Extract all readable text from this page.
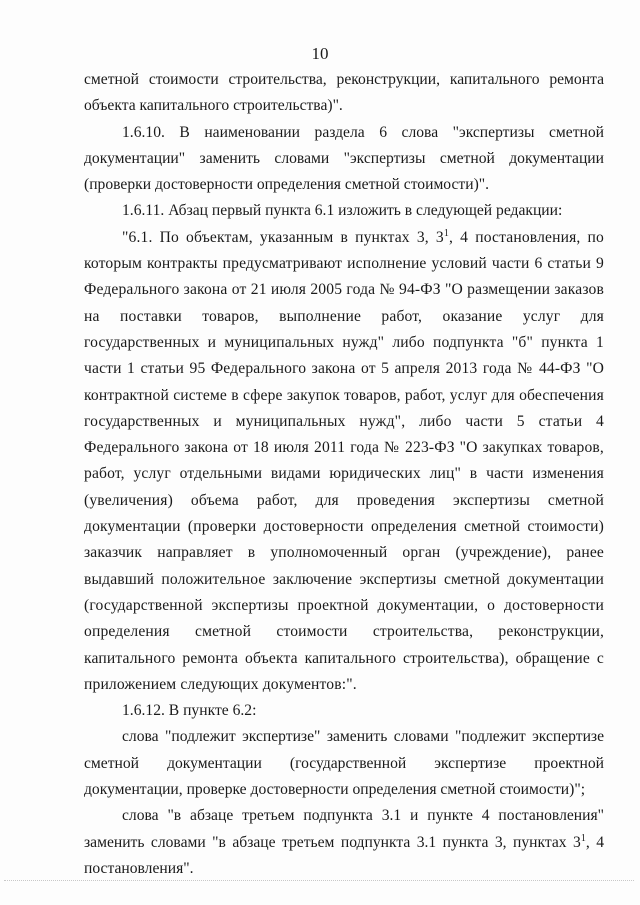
10

сметной стоимости строительства, реконструкции, капитального ремонта объекта капитального строительства)".

1.6.10. В наименовании раздела 6 слова "экспертизы сметной документации" заменить словами "экспертизы сметной документации (проверки достоверности определения сметной стоимости)".

1.6.11. Абзац первый пункта 6.1 изложить в следующей редакции:

"6.1. По объектам, указанным в пунктах 3, $3^1$, 4 постановления, по которым контракты предусматривают исполнение условий части 6 статьи 9 Федерального закона от 21 июля 2005 года № 94-ФЗ "О размещении заказов на поставки товаров, выполнение работ, оказание услуг для государственных и муниципальных нужд" либо подпункта "б" пункта 1 части 1 статьи 95 Федерального закона от 5 апреля 2013 года № 44-ФЗ "О контрактной системе в сфере закупок товаров, работ, услуг для обеспечения государственных и муниципальных нужд", либо части 5 статьи 4 Федерального закона от 18 июля 2011 года № 223-ФЗ "О закупках товаров, работ, услуг отдельными видами юридических лиц" в части изменения (увеличения) объема работ, для проведения экспертизы сметной документации (проверки достоверности определения сметной стоимости) заказчик направляет в уполномоченный орган (учреждение), ранее выдавший положительное заключение экспертизы сметной документации (государственной экспертизы проектной документации, о достоверности определения сметной стоимости строительства, реконструкции, капитального ремонта объекта капитального строительства), обращение с приложением следующих документов:".

1.6.12. В пункте 6.2:

слова "подлежит экспертизе" заменить словами "подлежит экспертизе сметной документации (государственной экспертизе проектной документации, проверке достоверности определения сметной стоимости)";

слова "в абзаце третьем подпункта 3.1 и пункте 4 постановления" заменить словами "в абзаце третьем подпункта 3.1 пункта 3, пунктах $3^1$, 4 постановления".
